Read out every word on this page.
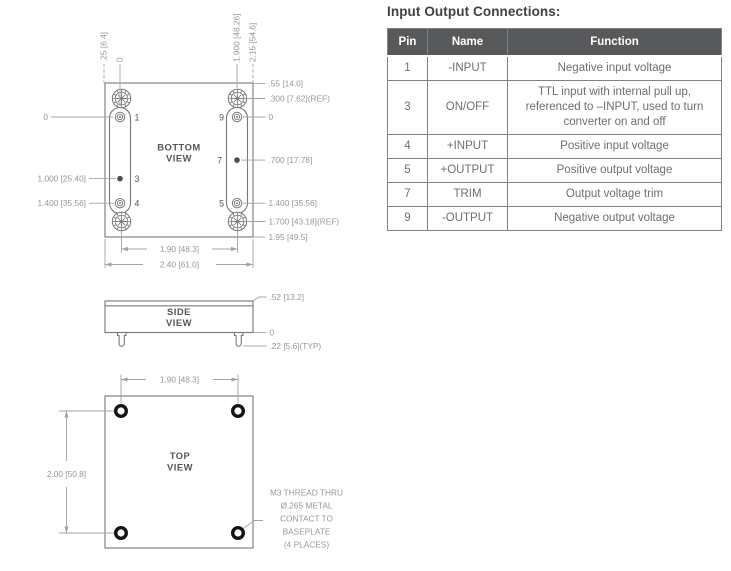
BOTTOM
VIEW
1
3
4
9
7
5
.25 [6.4] 0	1.900 [48.26] 2.15 [54.6]
0
1.000 [25.40]
1.400 [35.56]
.55 [14.0]
.300 [7.62](REF)
0
.700 [17.78]
1.400 [35.56]
1.700 [43.18](REF)
1.95 [49.5]
1.90 [48.3]
2.40 [61.0]
SIDE
VIEW
.52 [13.2]
0
.22 [5.6](TYP)
TOP
VIEW
1.90 [48.3]
2.00 [50.8]
M3 THREAD THRU
Ø.265 METAL
CONTACT TO
BASEPLATE
(4 PLACES)
Input Output Connections:
Pin	Name	Function
1	-INPUT	Negative input voltage
3	ON/OFF	TTL input with internal pull up, referenced to –INPUT, used to turn converter on and off
4	+INPUT	Positive input voltage
5	+OUTPUT	Positive output voltage
7	TRIM	Output voltage trim
9	-OUTPUT	Negative output voltage
